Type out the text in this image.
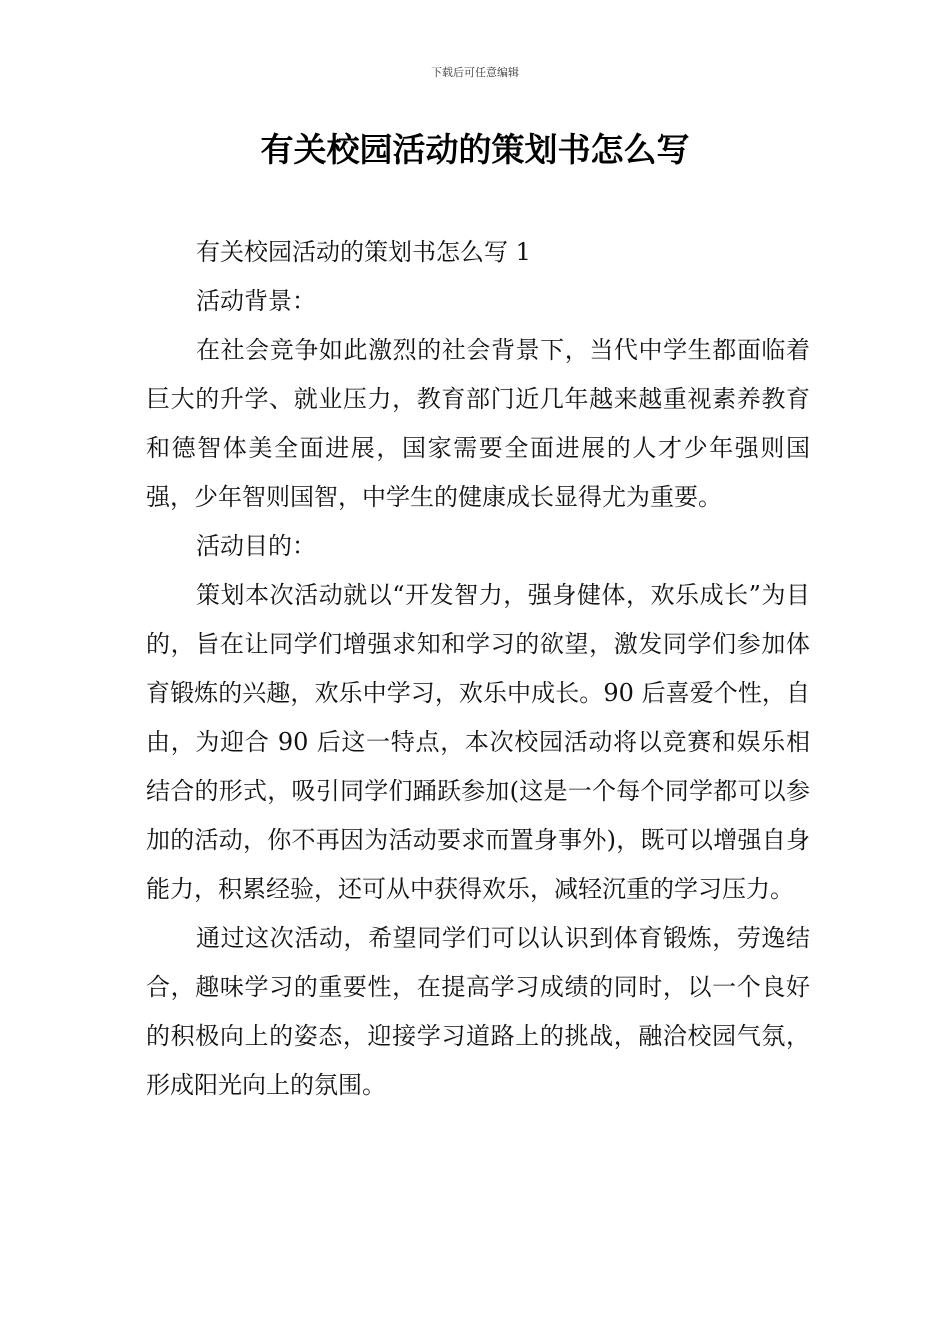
下载后可任意编辑
有关校园活动的策划书怎么写

有关校园活动的策划书怎么写 1

活动背景：

在社会竞争如此激烈的社会背景下，当代中学生都面临着巨大的升学、就业压力，教育部门近几年越来越重视素养教育和德智体美全面进展，国家需要全面进展的人才少年强则国强，少年智则国智，中学生的健康成长显得尤为重要。

活动目的：

策划本次活动就以“开发智力，强身健体，欢乐成长”为目的，旨在让同学们增强求知和学习的欲望，激发同学们参加体育锻炼的兴趣，欢乐中学习，欢乐中成长。90 后喜爱个性，自由，为迎合 90 后这一特点，本次校园活动将以竞赛和娱乐相结合的形式，吸引同学们踊跃参加(这是一个每个同学都可以参加的活动，你不再因为活动要求而置身事外)，既可以增强自身能力，积累经验，还可从中获得欢乐，减轻沉重的学习压力。

通过这次活动，希望同学们可以认识到体育锻炼，劳逸结合，趣味学习的重要性，在提高学习成绩的同时，以一个良好的积极向上的姿态，迎接学习道路上的挑战，融洽校园气氛，形成阳光向上的氛围。
